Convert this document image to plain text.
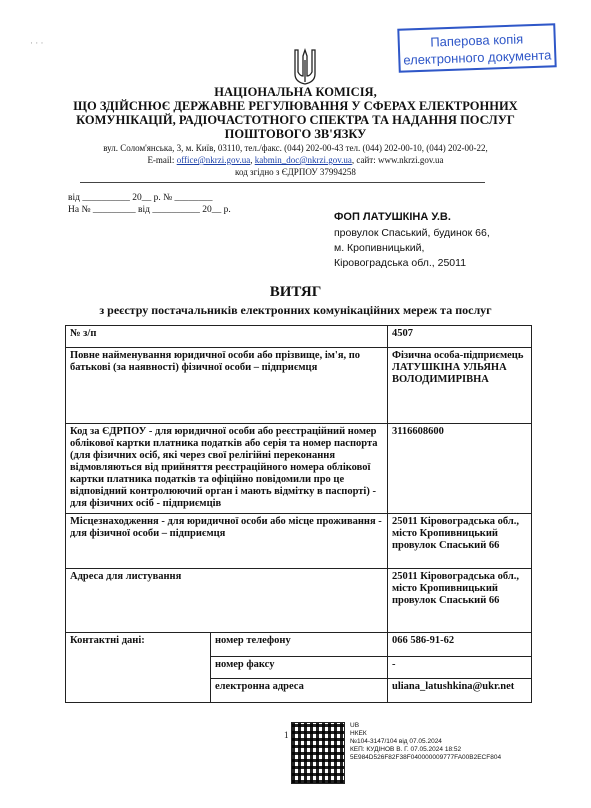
· · ·	Паперова копія
електронного документа
НАЦІОНАЛЬНА КОМІСІЯ,
ЩО ЗДІЙСНЮЄ ДЕРЖАВНЕ РЕГУЛЮВАННЯ У СФЕРАХ ЕЛЕКТРОННИХ
КОМУНІКАЦІЙ, РАДІОЧАСТОТНОГО СПЕКТРА ТА НАДАННЯ ПОСЛУГ
ПОШТОВОГО ЗВ'ЯЗКУ
вул. Солом'янська, 3, м. Київ, 03110, тел./факс. (044) 202-00-43 тел. (044) 202-00-10, (044) 202-00-22,
E-mail: office@nkrzi.gov.ua, kabmin_doc@nkrzi.gov.ua, сайт: www.nkrzi.gov.ua
код згідно з ЄДРПОУ 37994258
від __________ 20__ р. № ________
На № _________ від __________ 20__ р.
ФОП ЛАТУШКІНА У.В.
провулок Спаський, будинок 66,
м. Кропивницький,
Кіровоградська обл., 25011
ВИТЯГ
з реєстру постачальників електронних комунікаційних мереж та послуг
№ з/п		4507
Повне найменування юридичної особи або прізвище, ім'я, по батькові (за наявності) фізичної особи – підприємця		Фізична особа-підприємець ЛАТУШКІНА УЛЬЯНА ВОЛОДИМИРІВНА
Код за ЄДРПОУ - для юридичної особи або реєстраційний номер облікової картки платника податків або серія та номер паспорта (для фізичних осіб, які через свої релігійні переконання відмовляються від прийняття реєстраційного номера облікової картки платника податків та офіційно повідомили про це відповідний контролюючий орган і мають відмітку в паспорті) - для фізичних осіб - підприємців		3116608600
Місцезнаходження - для юридичної особи або місце проживання - для фізичної особи – підприємця		25011 Кіровоградська обл., місто Кропивницький провулок Спаський 66
Адреса для листування		25011 Кіровоградська обл., місто Кропивницький провулок Спаський 66
Контактні дані:	номер телефону	066 586-91-62
	номер факсу	-
	електронна адреса	uliana_latushkina@ukr.net
1
UB
НКЕК
№104-3147/104 від 07.05.2024
КЕП: КУДІНОВ В. Г. 07.05.2024 18:52
5E984D526F82F38F040000009777FA00B2ECF804
